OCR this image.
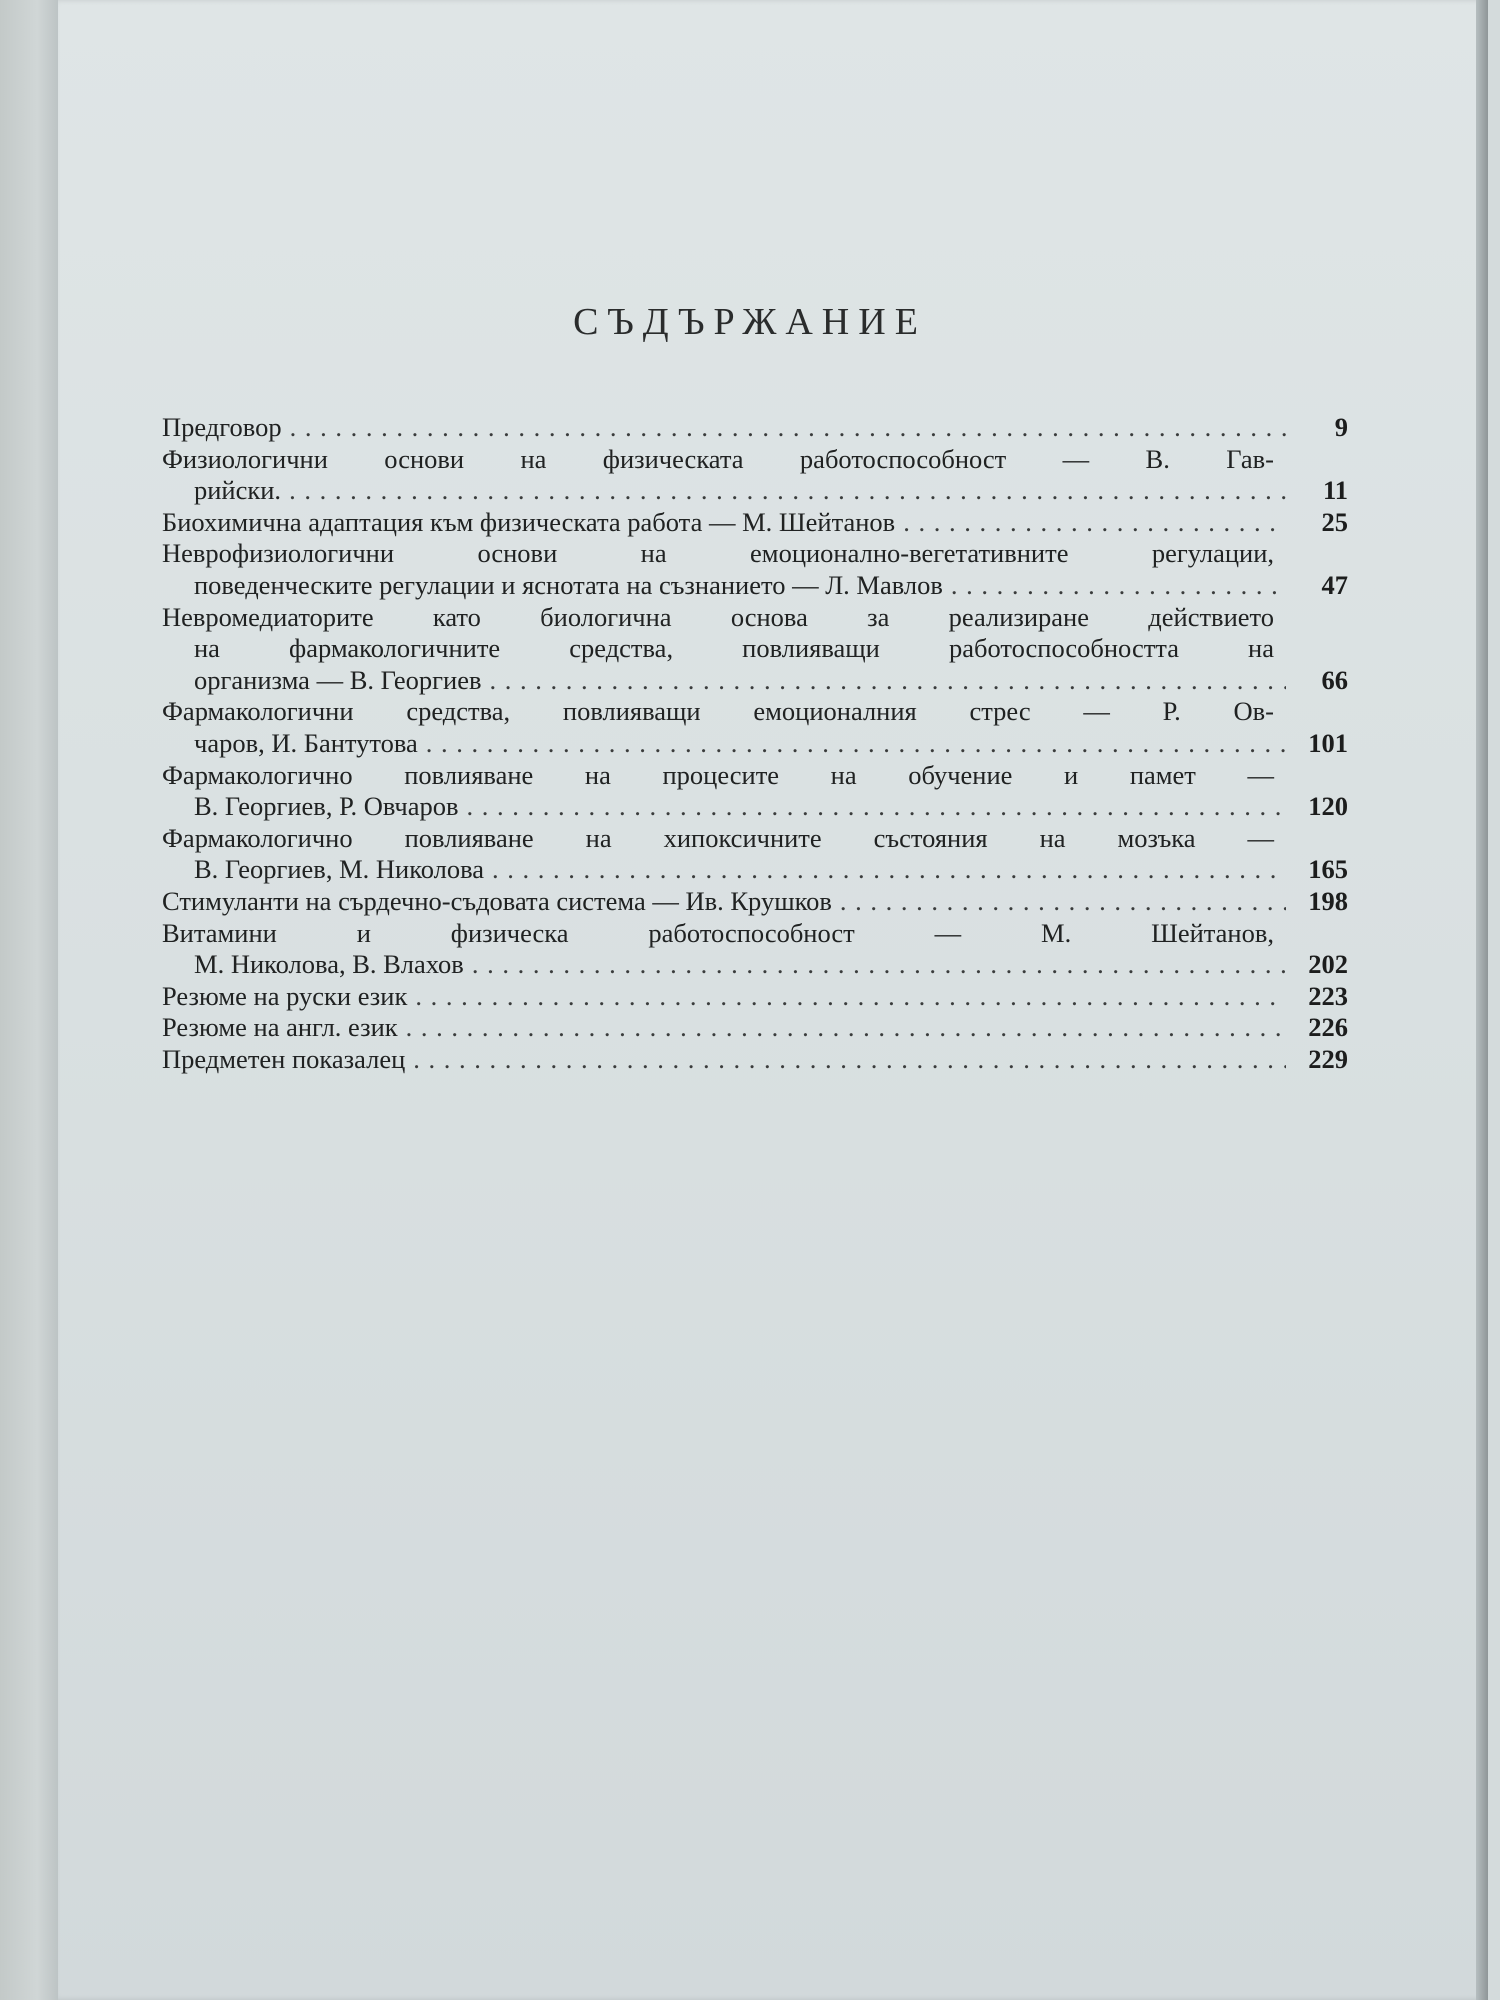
СЪДЪРЖАНИЕ
Предговор . . .	9
Физиологични основи на физическата работоспособност — В. Гав-
рийски. . . .	11
Биохимична адаптация към физическата работа — М. Шейтанов . . .	25
Неврофизиологични основи на емоционално-вегетативните регулации,
поведенческите регулации и яснотата на съзнанието — Л. Мавлов . . .	47
Невромедиаторите като биологична основа за реализиране действието
на фармакологичните средства, повлияващи работоспособността на
организма — В. Георгиев . . .	66
Фармакологични средства, повлияващи емоционалния стрес — Р. Ов-
чаров, И. Бантутова . . .	101
Фармакологично повлияване на процесите на обучение и памет —
В. Георгиев, Р. Овчаров . . .	120
Фармакологично повлияване на хипоксичните състояния на мозъка —
В. Георгиев, М. Николова . . .	165
Стимуланти на сърдечно-съдовата система — Ив. Крушков . . .	198
Витамини и физическа работоспособност — М. Шейтанов,
М. Николова, В. Влахов . . .	202
Резюме на руски език . . .	223
Резюме на англ. език . . .	226
Предметен показалец . . .	229
